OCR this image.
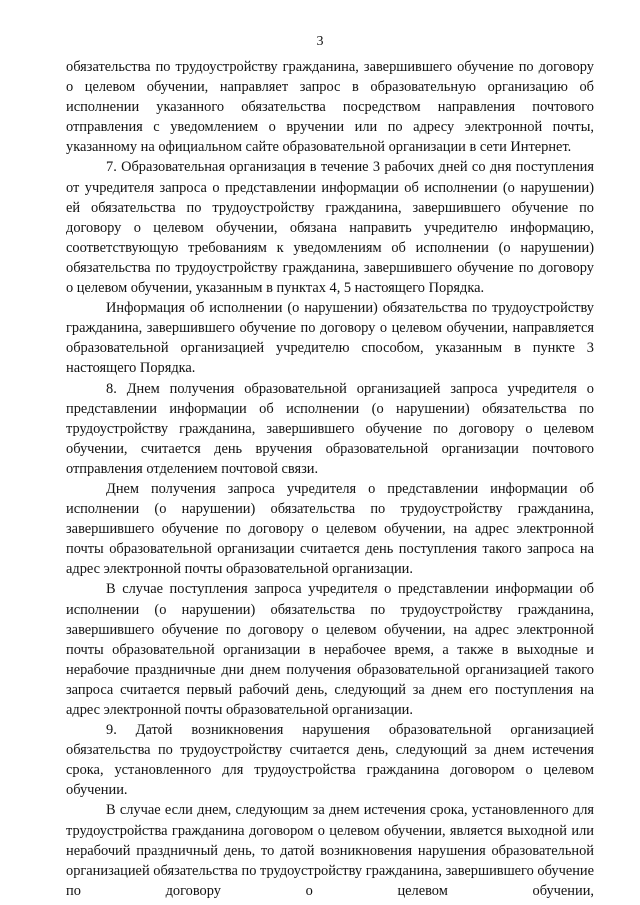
3

обязательства по трудоустройству гражданина, завершившего обучение по договору о целевом обучении, направляет запрос в образовательную организацию об исполнении указанного обязательства посредством направления почтового отправления с уведомлением о вручении или по адресу электронной почты, указанному на официальном сайте образовательной организации в сети Интернет.

7. Образовательная организация в течение 3 рабочих дней со дня поступления от учредителя запроса о представлении информации об исполнении (о нарушении) ей обязательства по трудоустройству гражданина, завершившего обучение по договору о целевом обучении, обязана направить учредителю информацию, соответствующую требованиям к уведомлениям об исполнении (о нарушении) обязательства по трудоустройству гражданина, завершившего обучение по договору о целевом обучении, указанным в пунктах 4, 5 настоящего Порядка.

Информация об исполнении (о нарушении) обязательства по трудоустройству гражданина, завершившего обучение по договору о целевом обучении, направляется образовательной организацией учредителю способом, указанным в пункте 3 настоящего Порядка.

8. Днем получения образовательной организацией запроса учредителя о представлении информации об исполнении (о нарушении) обязательства по трудоустройству гражданина, завершившего обучение по договору о целевом обучении, считается день вручения образовательной организации почтового отправления отделением почтовой связи.

Днем получения запроса учредителя о представлении информации об исполнении (о нарушении) обязательства по трудоустройству гражданина, завершившего обучение по договору о целевом обучении, на адрес электронной почты образовательной организации считается день поступления такого запроса на адрес электронной почты образовательной организации.

В случае поступления запроса учредителя о представлении информации об исполнении (о нарушении) обязательства по трудоустройству гражданина, завершившего обучение по договору о целевом обучении, на адрес электронной почты образовательной организации в нерабочее время, а также в выходные и нерабочие праздничные дни днем получения образовательной организацией такого запроса считается первый рабочий день, следующий за днем его поступления на адрес электронной почты образовательной организации.

9. Датой возникновения нарушения образовательной организацией обязательства по трудоустройству считается день, следующий за днем истечения срока, установленного для трудоустройства гражданина договором о целевом обучении.

В случае если днем, следующим за днем истечения срока, установленного для трудоустройства гражданина договором о целевом обучении, является выходной или нерабочий праздничный день, то датой возникновения нарушения образовательной организацией обязательства по трудоустройству гражданина, завершившего обучение по договору о целевом обучении,
